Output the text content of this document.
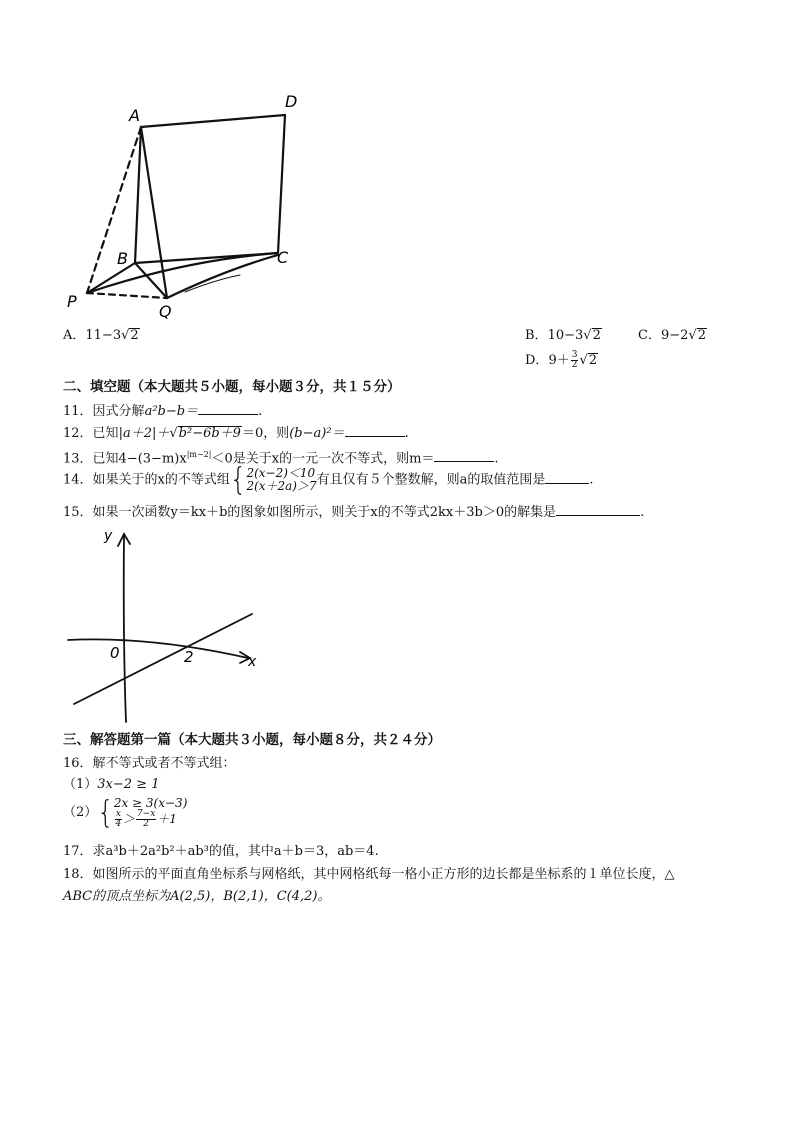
A
D
B	C
P
Q
A．11−3√2	B．10−3√2	C．9−2√2
D．$9+ \frac{3}{2} √2$
二、填空题（本大题共５小题，每小题３分，共１５分）
11．因式分解a²b−b＝	.
12．已知|a＋2|＋√b²−6b＋9＝0，则(b−a)²＝	.
13．已知$4-(3-m)x^{|m-2|}<0$是关于x的一元一次不等式，则m＝	.
14．如果关于的x的不等式组{ 2(x−2)＜10
2(x＋2a)＞7 有且仅有５个整数解，则a的取值范围是	.
15．如果一次函数y＝kx＋b的图象如图所示，则关于x的不等式2kx＋3b＞0的解集是	.
y
x
0	2
三、解答题第一篇（本大题共３小题，每小题８分，共２４分）
16．解不等式或者不等式组：
（1）3x−2 ≥ 1
（2）{ 2x ≥ 3(x−3)
$\frac{x}{4} > \frac{7-x}{2} +1$
17．求a³b＋2a²b²＋ab³的值，其中a＋b＝3，ab＝4.
18．如图所示的平面直角坐标系与网格纸，其中网格纸每一格小正方形的边长都是坐标系的１单位长度，△
ABC的顶点坐标为A(2,5)，B(2,1)，C(4,2)。
